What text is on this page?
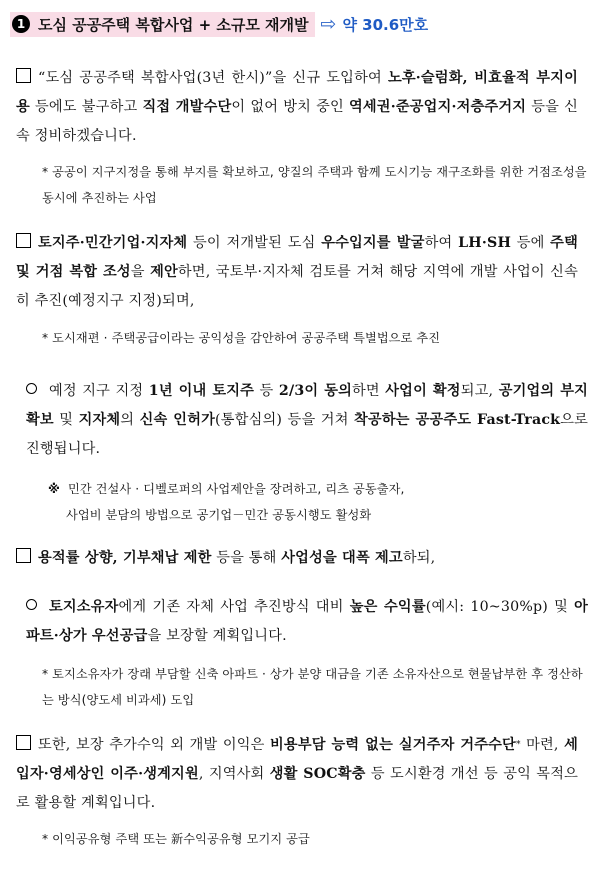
1 도심 공공주택 복합사업 + 소규모 재개발 ⇨ 약 30.6만호
“도심 공공주택 복합사업(3년 한시)”을 신규 도입하여 노후·슬럼화, 비효율적 부지이용 등에도 불구하고 직접 개발수단이 없어 방치 중인 역세권·준공업지·저층주거지 등을 신속 정비하겠습니다.
* 공공이 지구지정을 통해 부지를 확보하고, 양질의 주택과 함께 도시기능 재구조화를 위한 거점조성을 동시에 추진하는 사업
토지주·민간기업·지자체 등이 저개발된 도심 우수입지를 발굴하여 LH·SH 등에 주택 및 거점 복합 조성을 제안하면, 국토부·지자체 검토를 거쳐 해당 지역에 개발 사업이 신속히 추진(예정지구 지정)되며,
* 도시재편 · 주택공급이라는 공익성을 감안하여 공공주택 특별법으로 추진
예정 지구 지정 1년 이내 토지주 등 2/3이 동의하면 사업이 확정되고, 공기업의 부지확보 및 지자체의 신속 인허가(통합심의) 등을 거쳐 착공하는 공공주도 Fast-Track으로 진행됩니다.
※ 민간 건설사 · 디벨로퍼의 사업제안을 장려하고, 리츠 공동출자,
사업비 분담의 방법으로 공기업－민간 공동시행도 활성화
용적률 상향, 기부채납 제한 등을 통해 사업성을 대폭 제고하되,
토지소유자에게 기존 자체 사업 추진방식 대비 높은 수익률(예시: 10~30%p) 및 아파트·상가 우선공급을 보장할 계획입니다.
* 토지소유자가 장래 부담할 신축 아파트 · 상가 분양 대금을 기존 소유자산으로 현물납부한 후 정산하는 방식(양도세 비과세) 도입
또한, 보장 추가수익 외 개발 이익은 비용부담 능력 없는 실거주자 거주수단* 마련, 세입자·영세상인 이주·생계지원, 지역사회 생활 SOC확충 등 도시환경 개선 등 공익 목적으로 활용할 계획입니다.
* 이익공유형 주택 또는 新수익공유형 모기지 공급
